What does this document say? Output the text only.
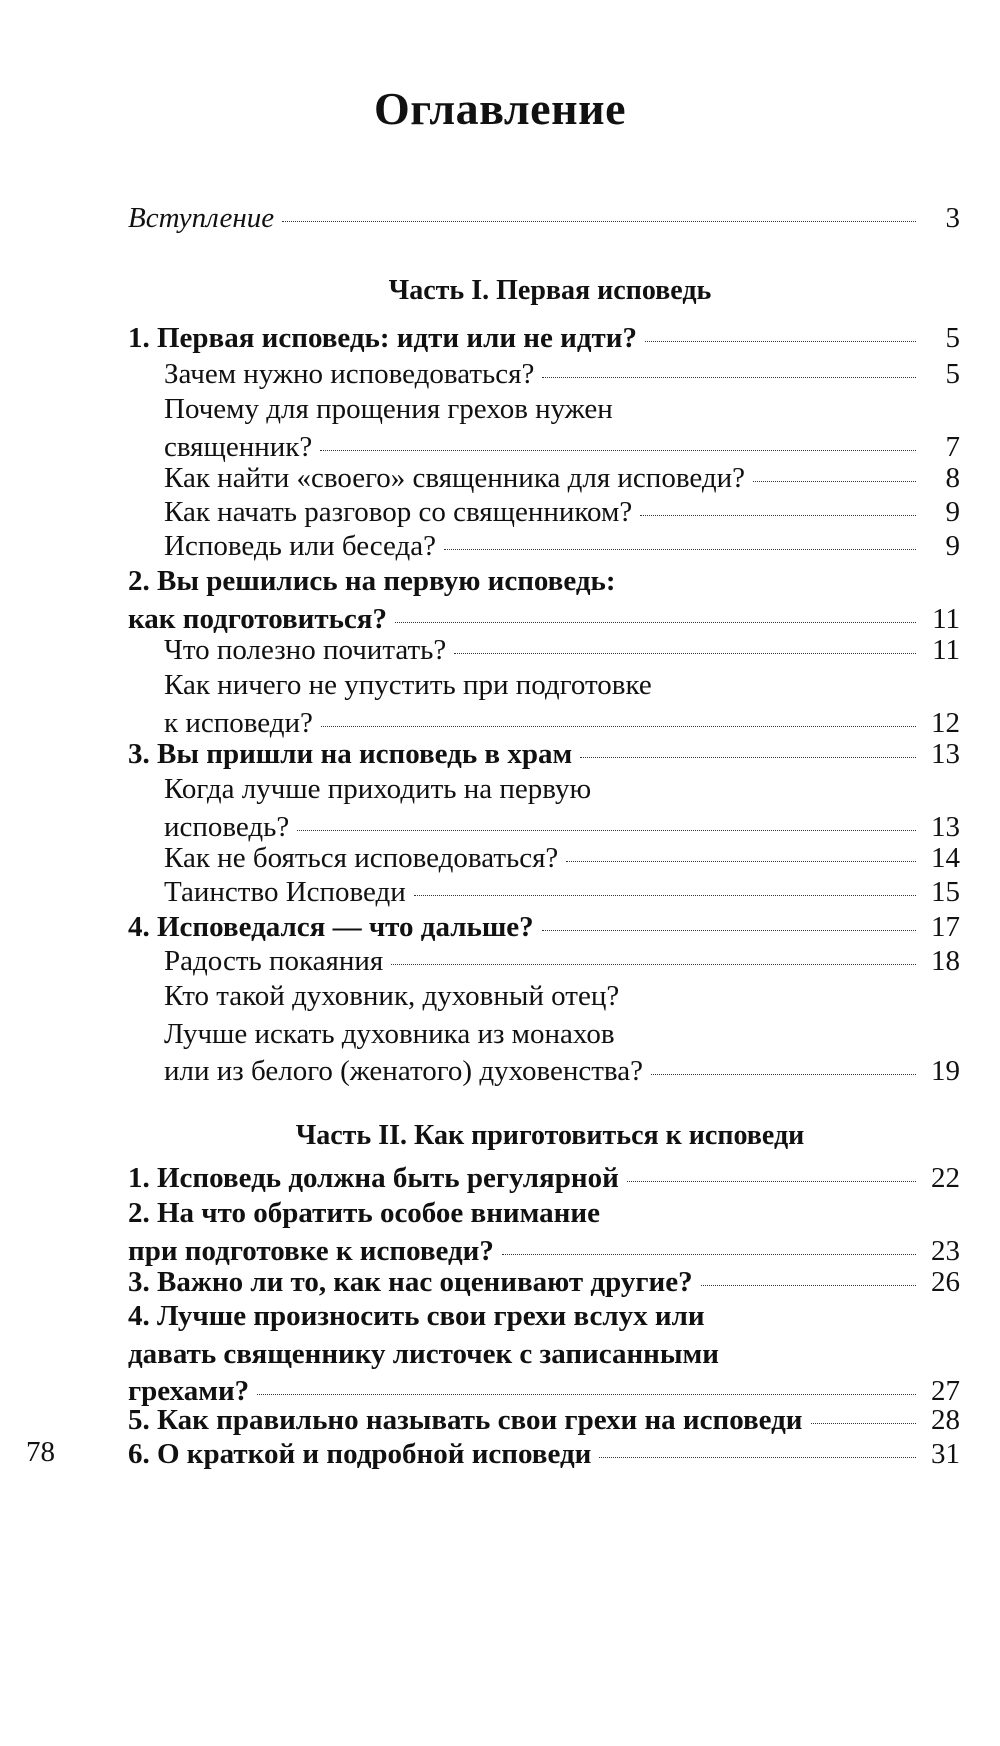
Оглавление
Вступление	3
Часть I. Первая исповедь
1. Первая исповедь: идти или не идти?	5
Зачем нужно исповедоваться?	5
Почему для прощения грехов нужен
священник?	7
Как найти «своего» священника для исповеди?	8
Как начать разговор со священником?	9
Исповедь или беседа?	9
2. Вы решились на первую исповедь:
как подготовиться?	11
Что полезно почитать?	11
Как ничего не упустить при подготовке
к исповеди?	12
3. Вы пришли на исповедь в храм	13
Когда лучше приходить на первую
исповедь?	13
Как не бояться исповедоваться?	14
Таинство Исповеди	15
4. Исповедался — что дальше?	17
Радость покаяния	18
Кто такой духовник, духовный отец?
Лучше искать духовника из монахов
или из белого (женатого) духовенства?	19
Часть II. Как приготовиться к исповеди
1. Исповедь должна быть регулярной	22
2. На что обратить особое внимание
при подготовке к исповеди?	23
3. Важно ли то, как нас оценивают другие?	26
4. Лучше произносить свои грехи вслух или
давать священнику листочек с записанными
грехами?	27
5. Как правильно называть свои грехи на исповеди	28
6. О краткой и подробной исповеди	31
78
